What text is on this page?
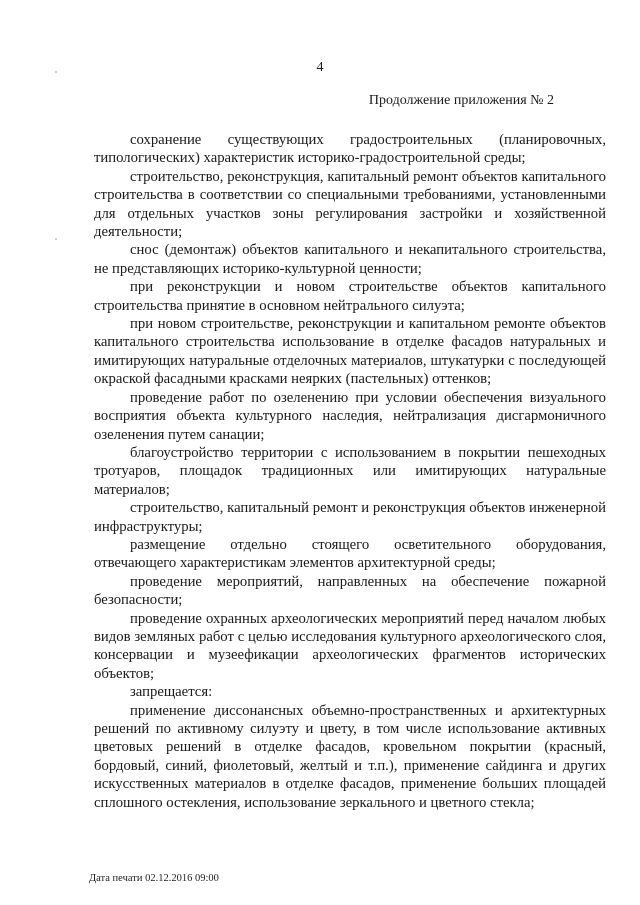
4
Продолжение приложения № 2

сохранение существующих градостроительных (планировочных, типологических) характеристик историко-градостроительной среды;

строительство, реконструкция, капитальный ремонт объектов капитального строительства в соответствии со специальными требованиями, установленными для отдельных участков зоны регулирования застройки и хозяйственной деятельности;

снос (демонтаж) объектов капитального и некапитального строительства, не представляющих историко-культурной ценности;

при реконструкции и новом строительстве объектов капитального строительства принятие в основном нейтрального силуэта;

при новом строительстве, реконструкции и капитальном ремонте объектов капитального строительства использование в отделке фасадов натуральных и имитирующих натуральные отделочных материалов, штукатурки с последующей окраской фасадными красками неярких (пастельных) оттенков;

проведение работ по озеленению при условии обеспечения визуального восприятия объекта культурного наследия, нейтрализация дисгармоничного озеленения путем санации;

благоустройство территории с использованием в покрытии пешеходных тротуаров, площадок традиционных или имитирующих натуральные материалов;

строительство, капитальный ремонт и реконструкция объектов инженерной инфраструктуры;

размещение отдельно стоящего осветительного оборудования, отвечающего характеристикам элементов архитектурной среды;

проведение мероприятий, направленных на обеспечение пожарной безопасности;

проведение охранных археологических мероприятий перед началом любых видов земляных работ с целью исследования культурного археологического слоя, консервации и музеефикации археологических фрагментов исторических объектов;

запрещается:

применение диссонансных объемно-пространственных и архитектурных решений по активному силуэту и цвету, в том числе использование активных цветовых решений в отделке фасадов, кровельном покрытии (красный, бордовый, синий, фиолетовый, желтый и т.п.), применение сайдинга и других искусственных материалов в отделке фасадов, применение больших площадей сплошного остекления, использование зеркального и цветного стекла;

Дата печати 02.12.2016 09:00
